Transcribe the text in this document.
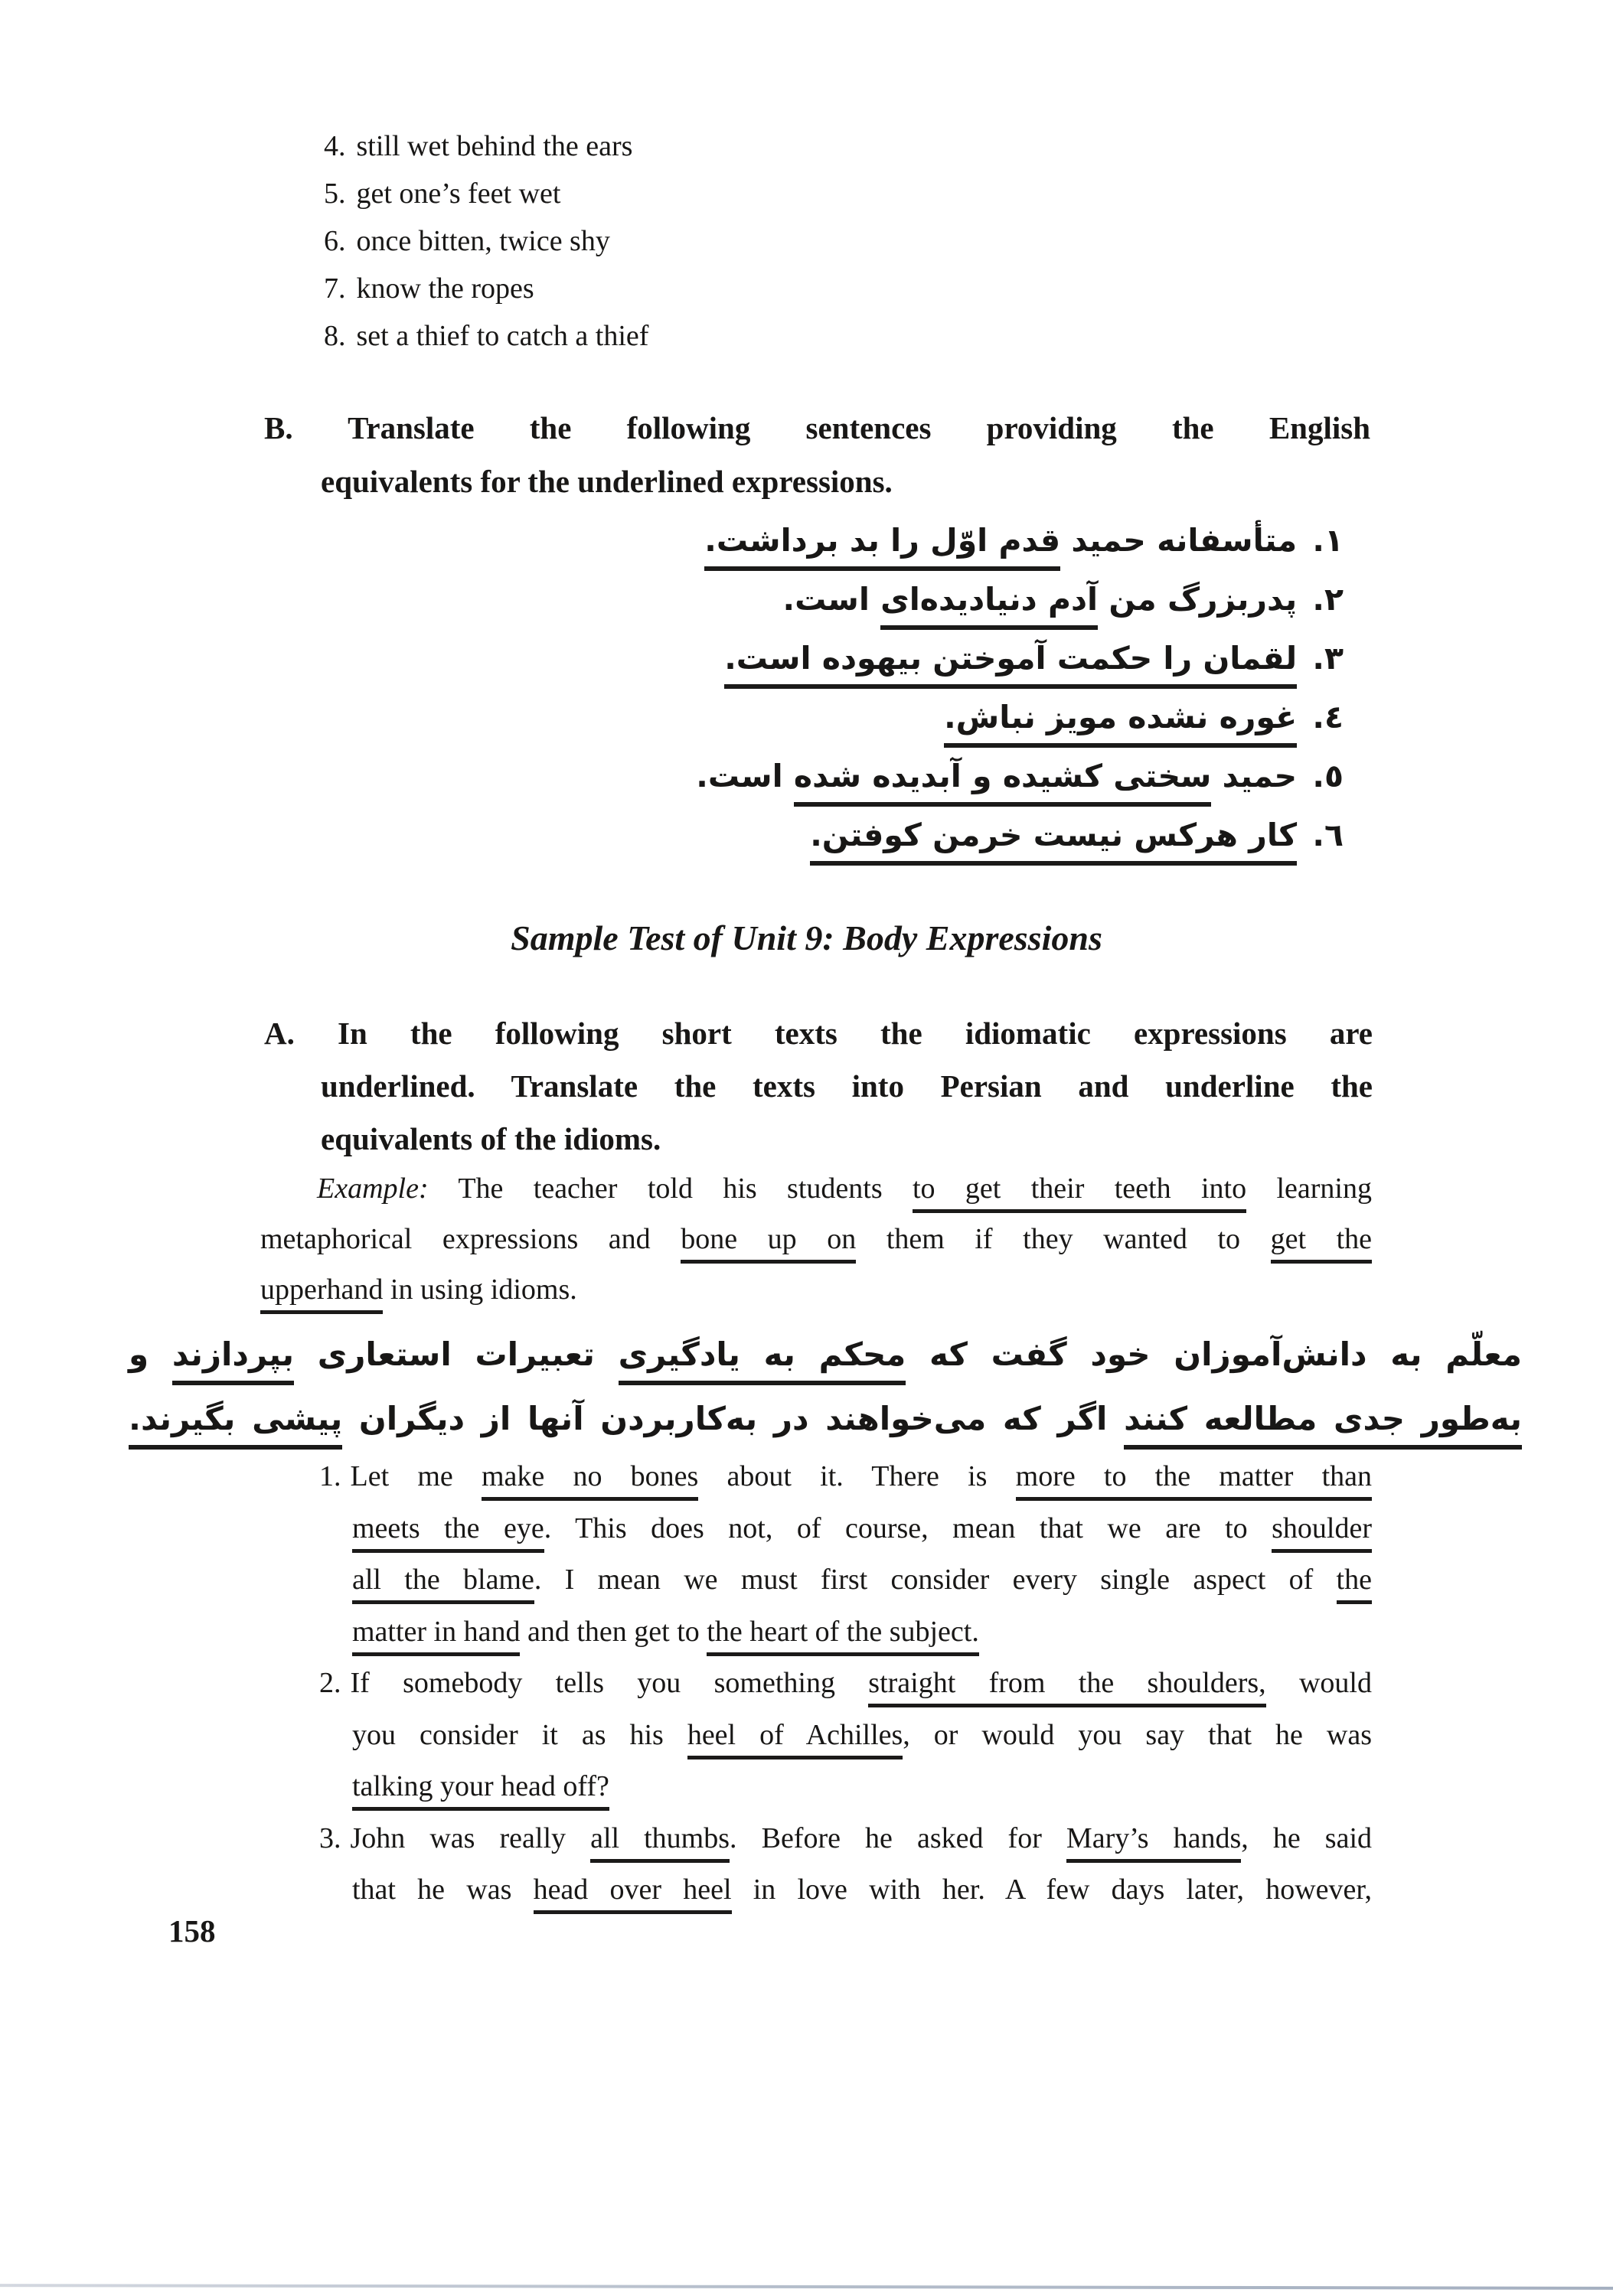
4. still wet behind the ears
5. get one’s feet wet
6. once bitten, twice shy
7. know the ropes
8. set a thief to catch a thief
B. Translate the following sentences providing the English
equivalents for the underlined expressions.
١. متأسفانه حمید قدم اوّل را بد برداشت.
٢. پدربزرگ من آدم دنیادیده‌ای است.
٣. لقمان را حکمت آموختن بیهوده است.
٤. غوره نشده مویز نباش.
٥. حمید سختی کشیده و آبدیده شده است.
٦. کار هرکس نیست خرمن کوفتن.
Sample Test of Unit 9: Body Expressions
A. In the following short texts the idiomatic expressions are
underlined. Translate the texts into Persian and underline the
equivalents of the idioms.
Example: The teacher told his students to get their teeth into learning
metaphorical expressions and bone up on them if they wanted to get the
upperhand in using idioms.
معلّم به دانش‌آموزان خود گفت که محکم به یادگیری تعبیرات استعاری بپردازند و
به‌طور جدی مطالعه کنند اگر که می‌خواهند در به‌کاربردن آنها از دیگران پیشی بگیرند.
1. Let me make no bones about it. There is more to the matter than
meets the eye. This does not, of course, mean that we are to shoulder
all the blame. I mean we must first consider every single aspect of the
matter in hand and then get to the heart of the subject.
2. If somebody tells you something straight from the shoulders, would
you consider it as his heel of Achilles, or would you say that he was
talking your head off?
3. John was really all thumbs. Before he asked for Mary’s hands, he said
that he was head over heel in love with her. A few days later, however,
158
